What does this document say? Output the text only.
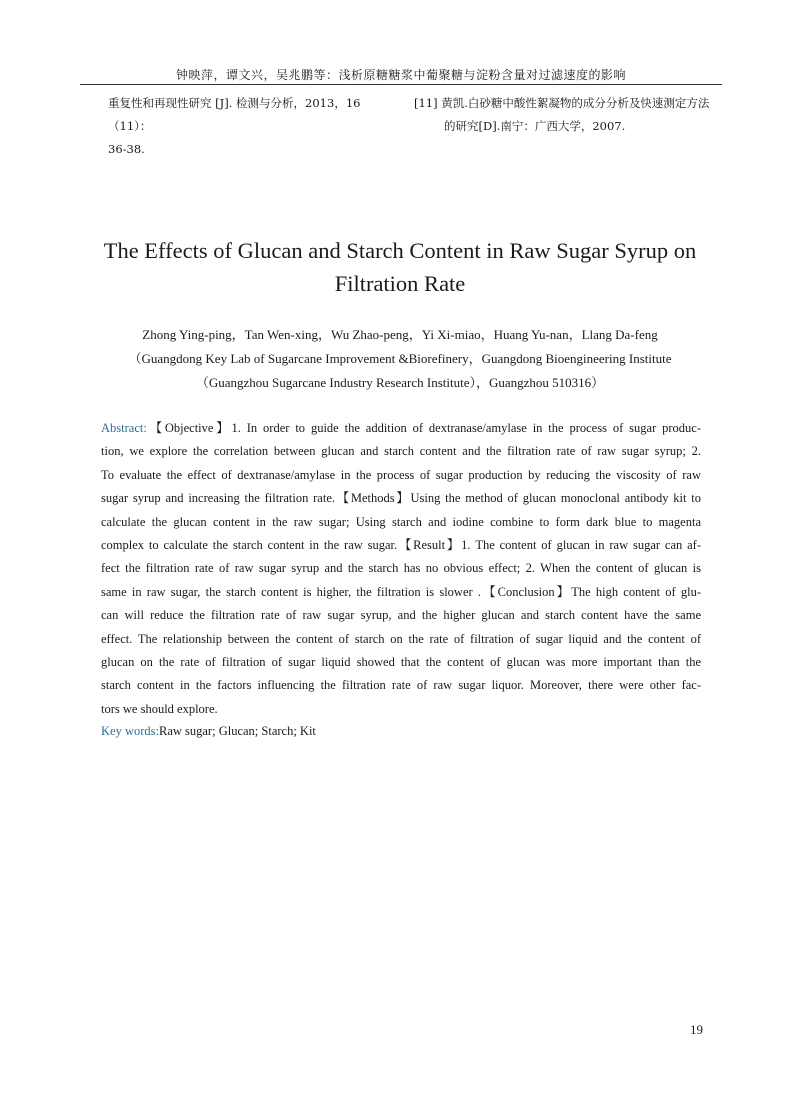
钟映萍，谭文兴，吴兆鹏等：浅析原糖糖浆中葡聚糖与淀粉含量对过滤速度的影响
重复性和再现性研究 [J]. 检测与分析，2013，16（11）：
36-38.
[11] 黄凯.白砂糖中酸性絮凝物的成分分析及快速测定方法
的研究[D].南宁：广西大学，2007.
The Effects of Glucan and Starch Content in Raw Sugar Syrup on
Filtration Rate
Zhong Ying-ping，Tan Wen-xing，Wu Zhao-peng，Yi Xi-miao，Huang Yu-nan，Llang Da-feng
（Guangdong Key Lab of Sugarcane Improvement &Biorefinery，Guangdong Bioengineering Institute
（Guangzhou Sugarcane Industry Research Institute），Guangzhou 510316）
Abstract:【Objective】1. In order to guide the addition of dextranase/amylase in the process of sugar produc-
tion, we explore the correlation between glucan and starch content and the filtration rate of raw sugar syrup; 2.
To evaluate the effect of dextranase/amylase in the process of sugar production by reducing the viscosity of raw
sugar syrup and increasing the filtration rate.【Methods】Using the method of glucan monoclonal antibody kit to
calculate the glucan content in the raw sugar; Using starch and iodine combine to form dark blue to magenta
complex to calculate the starch content in the raw sugar.【Result】1. The content of glucan in raw sugar can af-
fect the filtration rate of raw sugar syrup and the starch has no obvious effect; 2. When the content of glucan is
same in raw sugar, the starch content is higher, the filtration is slower .【Conclusion】The high content of glu-
can will reduce the filtration rate of raw sugar syrup, and the higher glucan and starch content have the same
effect. The relationship between the content of starch on the rate of filtration of sugar liquid and the content of
glucan on the rate of filtration of sugar liquid showed that the content of glucan was more important than the
starch content in the factors influencing the filtration rate of raw sugar liquor. Moreover, there were other fac-
tors we should explore.
Key words:Raw sugar; Glucan; Starch; Kit
19
